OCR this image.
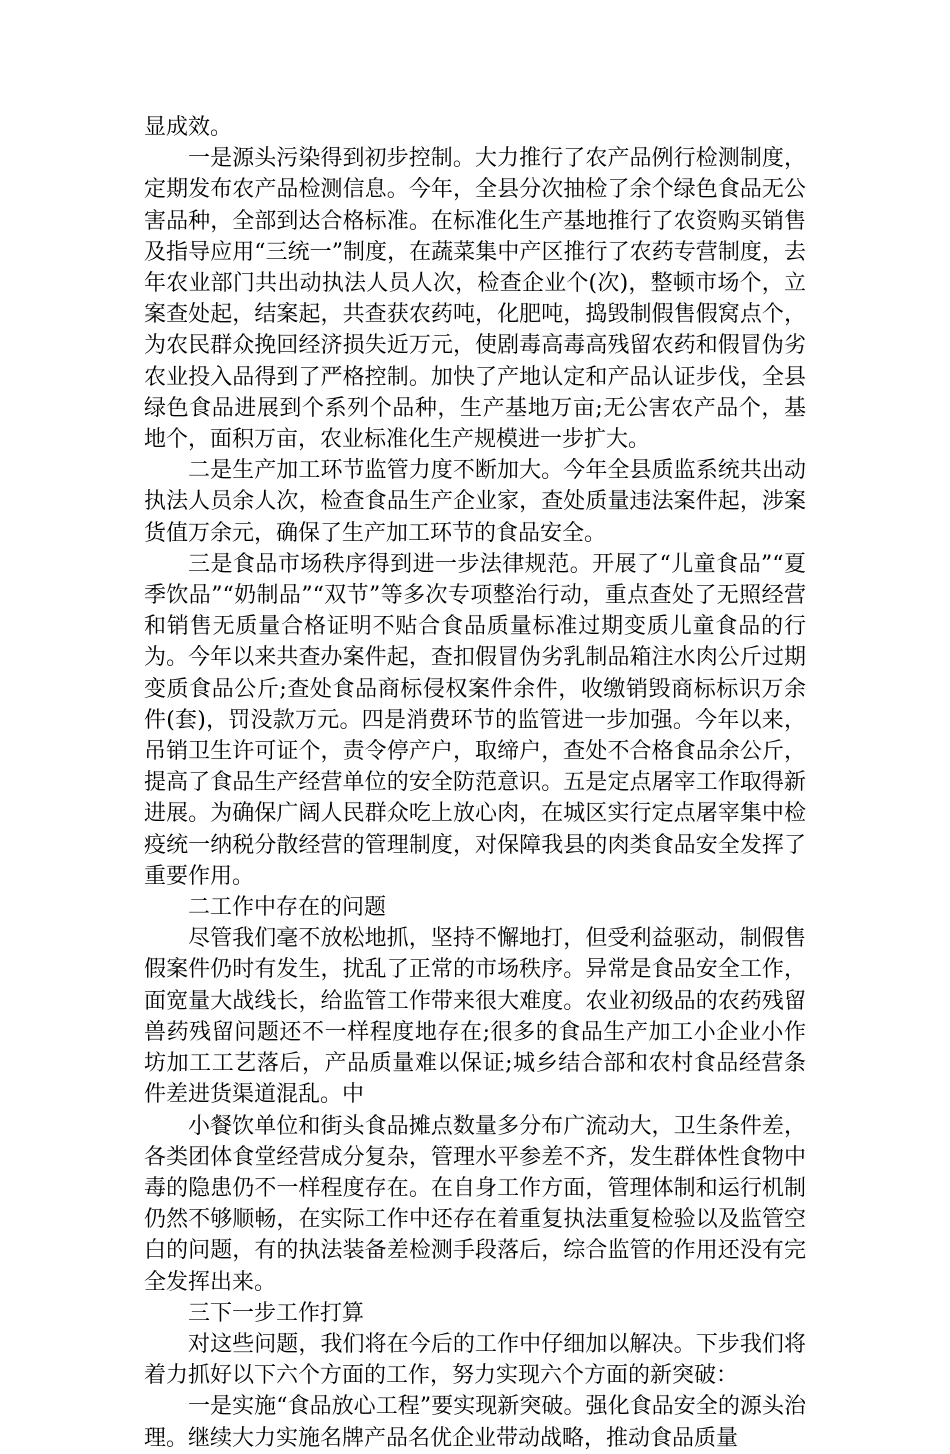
显成效。

一是源头污染得到初步控制。大力推行了农产品例行检测制度，定期发布农产品检测信息。今年，全县分次抽检了余个绿色食品无公害品种，全部到达合格标准。在标准化生产基地推行了农资购买销售及指导应用“三统一”制度，在蔬菜集中产区推行了农药专营制度，去年农业部门共出动执法人员人次，检查企业个(次)，整顿市场个，立案查处起，结案起，共查获农药吨，化肥吨，捣毁制假售假窝点个，为农民群众挽回经济损失近万元，使剧毒高毒高残留农药和假冒伪劣农业投入品得到了严格控制。加快了产地认定和产品认证步伐，全县绿色食品进展到个系列个品种，生产基地万亩;无公害农产品个，基地个，面积万亩，农业标准化生产规模进一步扩大。

二是生产加工环节监管力度不断加大。今年全县质监系统共出动执法人员余人次，检查食品生产企业家，查处质量违法案件起，涉案货值万余元，确保了生产加工环节的食品安全。

三是食品市场秩序得到进一步法律规范。开展了“儿童食品”“夏季饮品”“奶制品”“双节”等多次专项整治行动，重点查处了无照经营和销售无质量合格证明不贴合食品质量标准过期变质儿童食品的行为。今年以来共查办案件起，查扣假冒伪劣乳制品箱注水肉公斤过期变质食品公斤;查处食品商标侵权案件余件，收缴销毁商标标识万余件(套)，罚没款万元。四是消费环节的监管进一步加强。今年以来，吊销卫生许可证个，责令停产户，取缔户，查处不合格食品余公斤，提高了食品生产经营单位的安全防范意识。五是定点屠宰工作取得新进展。为确保广阔人民群众吃上放心肉，在城区实行定点屠宰集中检疫统一纳税分散经营的管理制度，对保障我县的肉类食品安全发挥了重要作用。

二工作中存在的问题

尽管我们毫不放松地抓，坚持不懈地打，但受利益驱动，制假售假案件仍时有发生，扰乱了正常的市场秩序。异常是食品安全工作，面宽量大战线长，给监管工作带来很大难度。农业初级品的农药残留兽药残留问题还不一样程度地存在;很多的食品生产加工小企业小作坊加工工艺落后，产品质量难以保证;城乡结合部和农村食品经营条件差进货渠道混乱。中

小餐饮单位和街头食品摊点数量多分布广流动大，卫生条件差，各类团体食堂经营成分复杂，管理水平参差不齐，发生群体性食物中毒的隐患仍不一样程度存在。在自身工作方面，管理体制和运行机制仍然不够顺畅，在实际工作中还存在着重复执法重复检验以及监管空白的问题，有的执法装备差检测手段落后，综合监管的作用还没有完全发挥出来。

三下一步工作打算

对这些问题，我们将在今后的工作中仔细加以解决。下步我们将着力抓好以下六个方面的工作，努力实现六个方面的新突破：

一是实施“食品放心工程”要实现新突破。强化食品安全的源头治理。继续大力实施名牌产品名优企业带动战略，推动食品质量
